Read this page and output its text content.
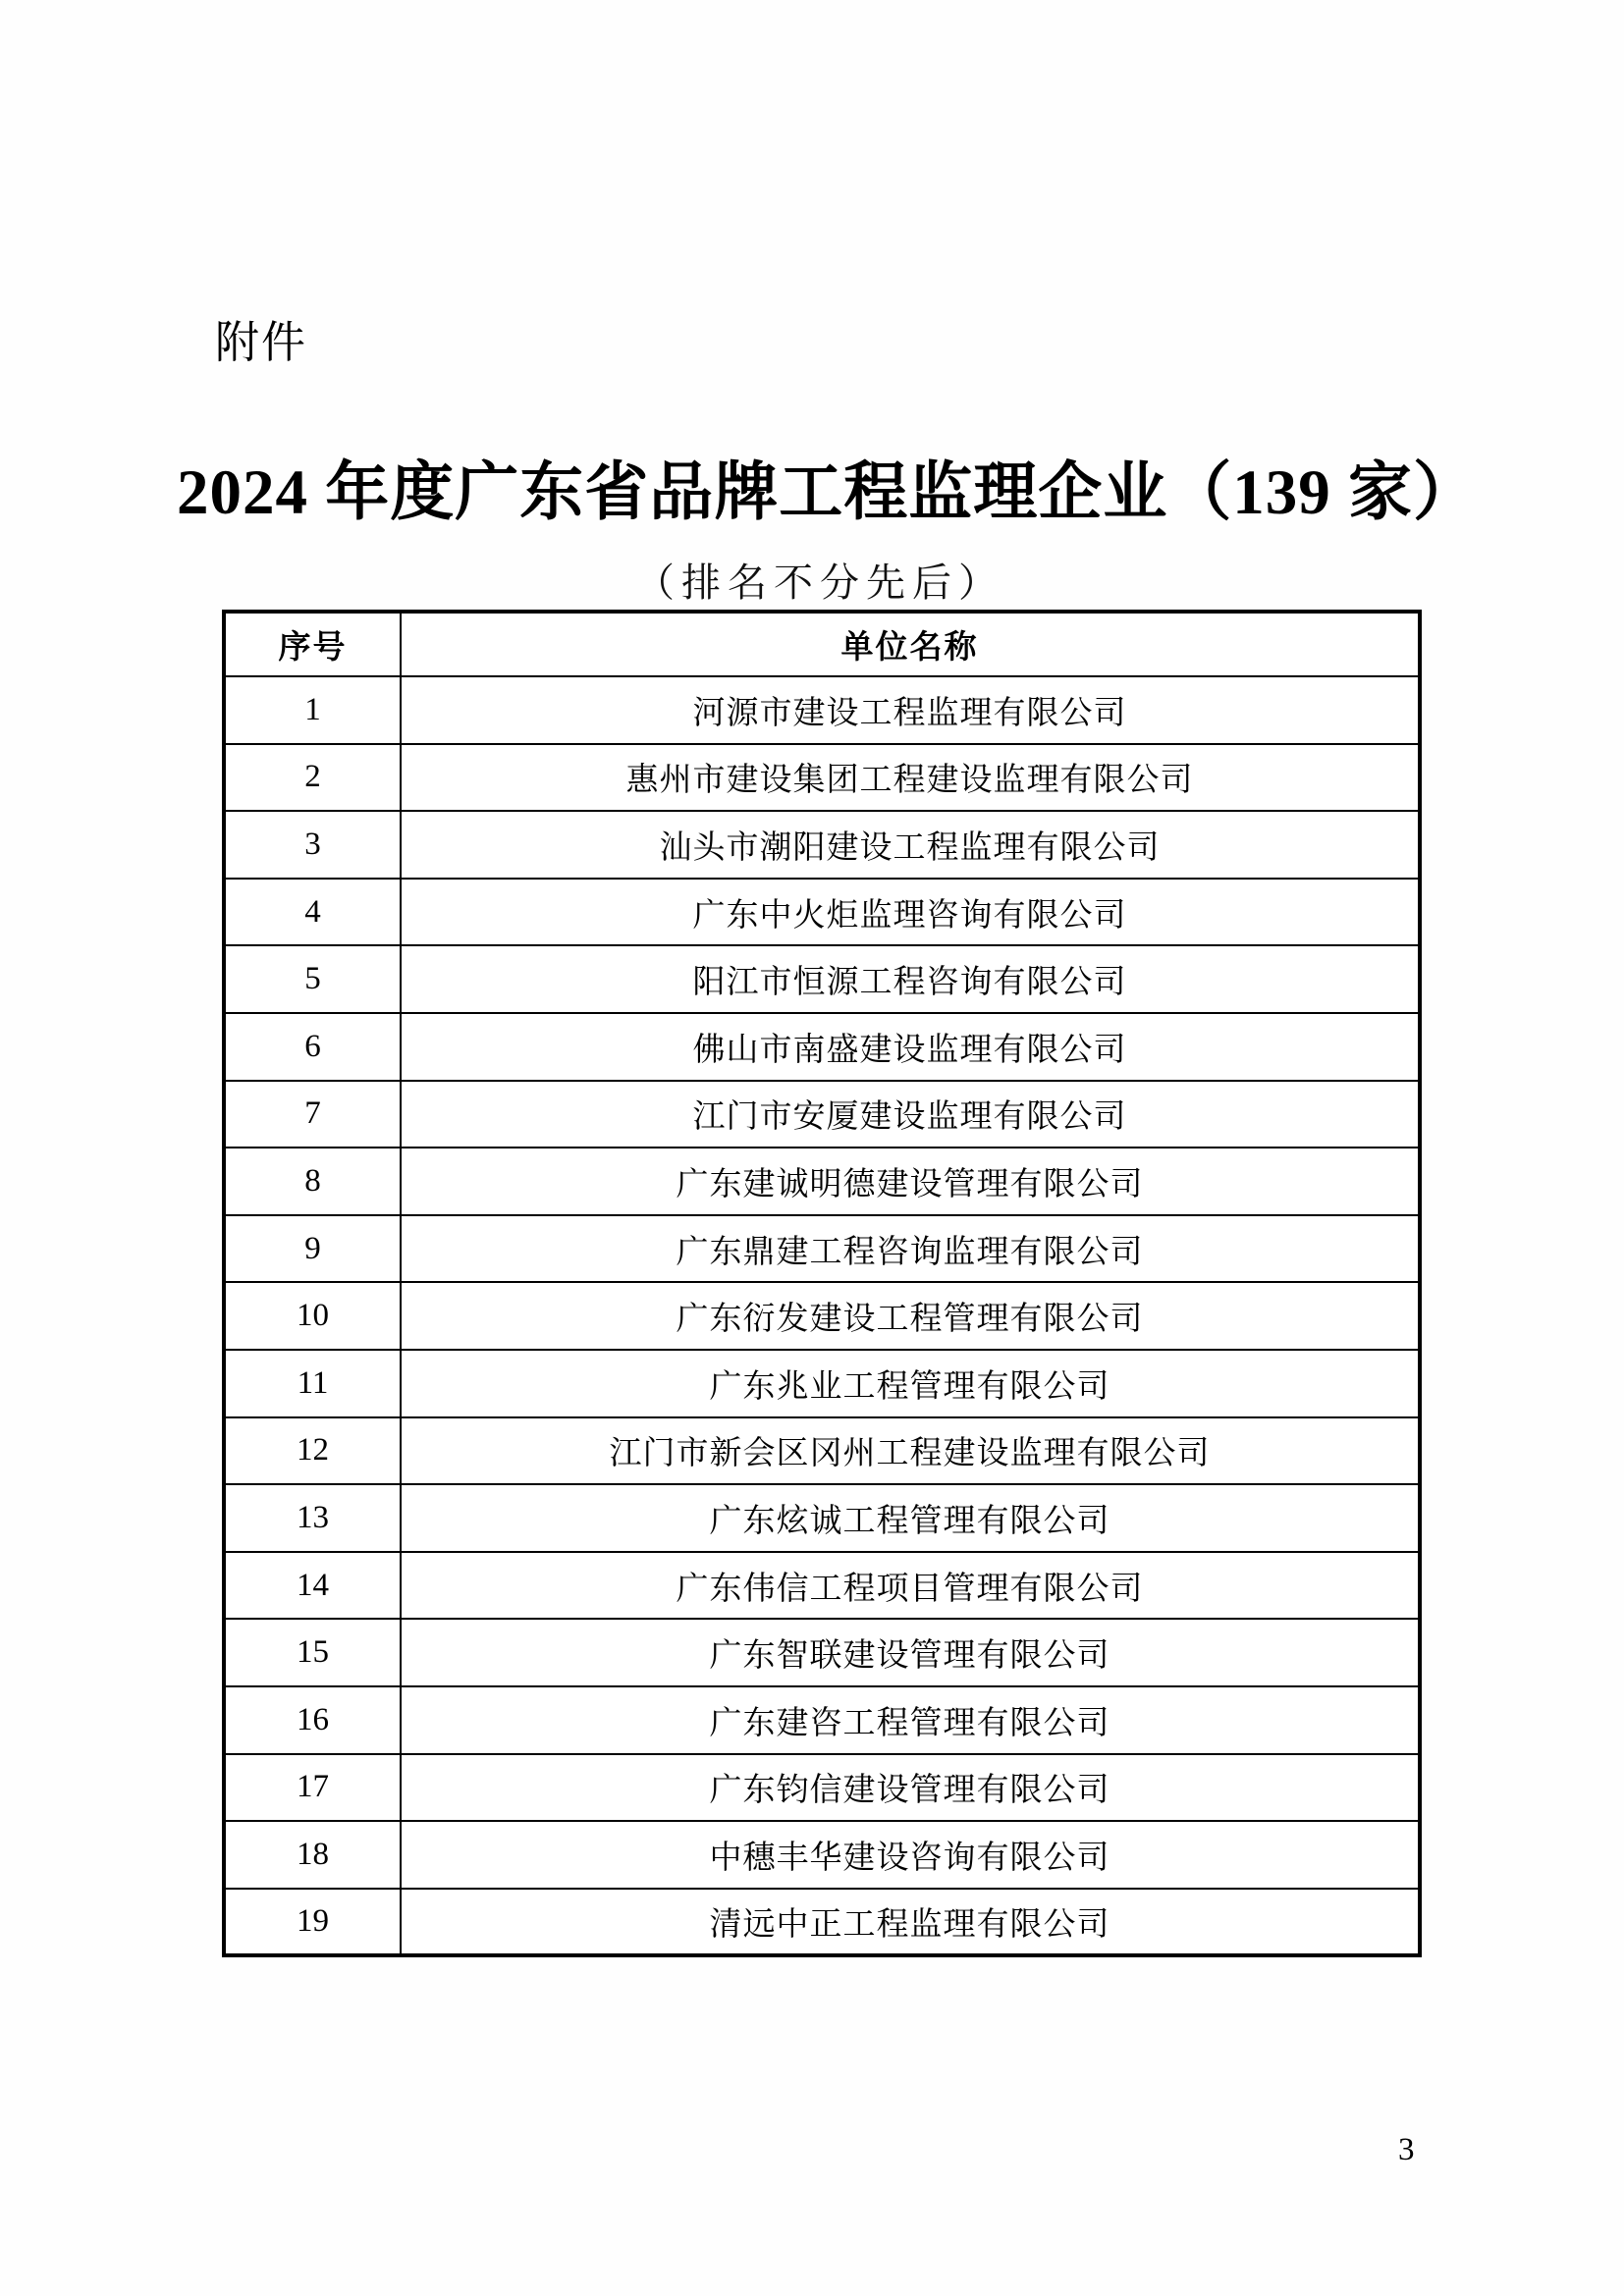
附件
2024 年度广东省品牌工程监理企业（139 家）
（排名不分先后）
序号	单位名称
1	河源市建设工程监理有限公司
2	惠州市建设集团工程建设监理有限公司
3	汕头市潮阳建设工程监理有限公司
4	广东中火炬监理咨询有限公司
5	阳江市恒源工程咨询有限公司
6	佛山市南盛建设监理有限公司
7	江门市安厦建设监理有限公司
8	广东建诚明德建设管理有限公司
9	广东鼎建工程咨询监理有限公司
10	广东衍发建设工程管理有限公司
11	广东兆业工程管理有限公司
12	江门市新会区冈州工程建设监理有限公司
13	广东炫诚工程管理有限公司
14	广东伟信工程项目管理有限公司
15	广东智联建设管理有限公司
16	广东建咨工程管理有限公司
17	广东钧信建设管理有限公司
18	中穗丰华建设咨询有限公司
19	清远中正工程监理有限公司
3
